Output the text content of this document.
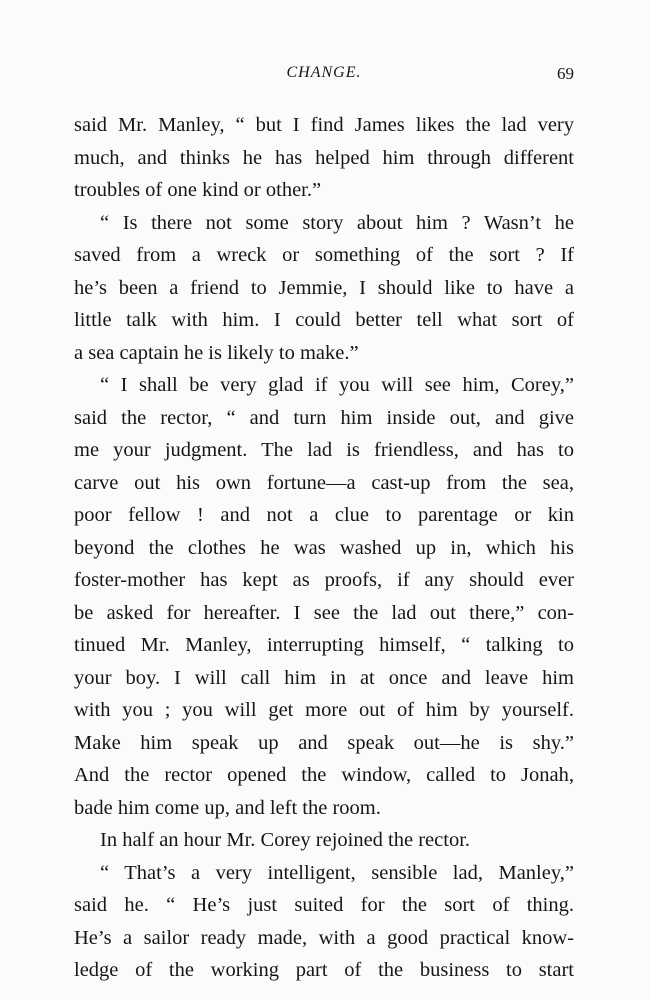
CHANGE.	69
said Mr. Manley, “ but I find James likes the lad very
much, and thinks he has helped him through different
troubles of one kind or other.”
“ Is there not some story about him ? Wasn’t he
saved from a wreck or something of the sort ? If
he’s been a friend to Jemmie, I should like to have a
little talk with him. I could better tell what sort of
a sea captain he is likely to make.”
“ I shall be very glad if you will see him, Corey,”
said the rector, “ and turn him inside out, and give
me your judgment. The lad is friendless, and has to
carve out his own fortune—a cast-up from the sea,
poor fellow ! and not a clue to parentage or kin
beyond the clothes he was washed up in, which his
foster-mother has kept as proofs, if any should ever
be asked for hereafter. I see the lad out there,” con-
tinued Mr. Manley, interrupting himself, “ talking to
your boy. I will call him in at once and leave him
with you ; you will get more out of him by yourself.
Make him speak up and speak out—he is shy.”
And the rector opened the window, called to Jonah,
bade him come up, and left the room.
In half an hour Mr. Corey rejoined the rector.
“ That’s a very intelligent, sensible lad, Manley,”
said he. “ He’s just suited for the sort of thing.
He’s a sailor ready made, with a good practical know-
ledge of the working part of the business to start
